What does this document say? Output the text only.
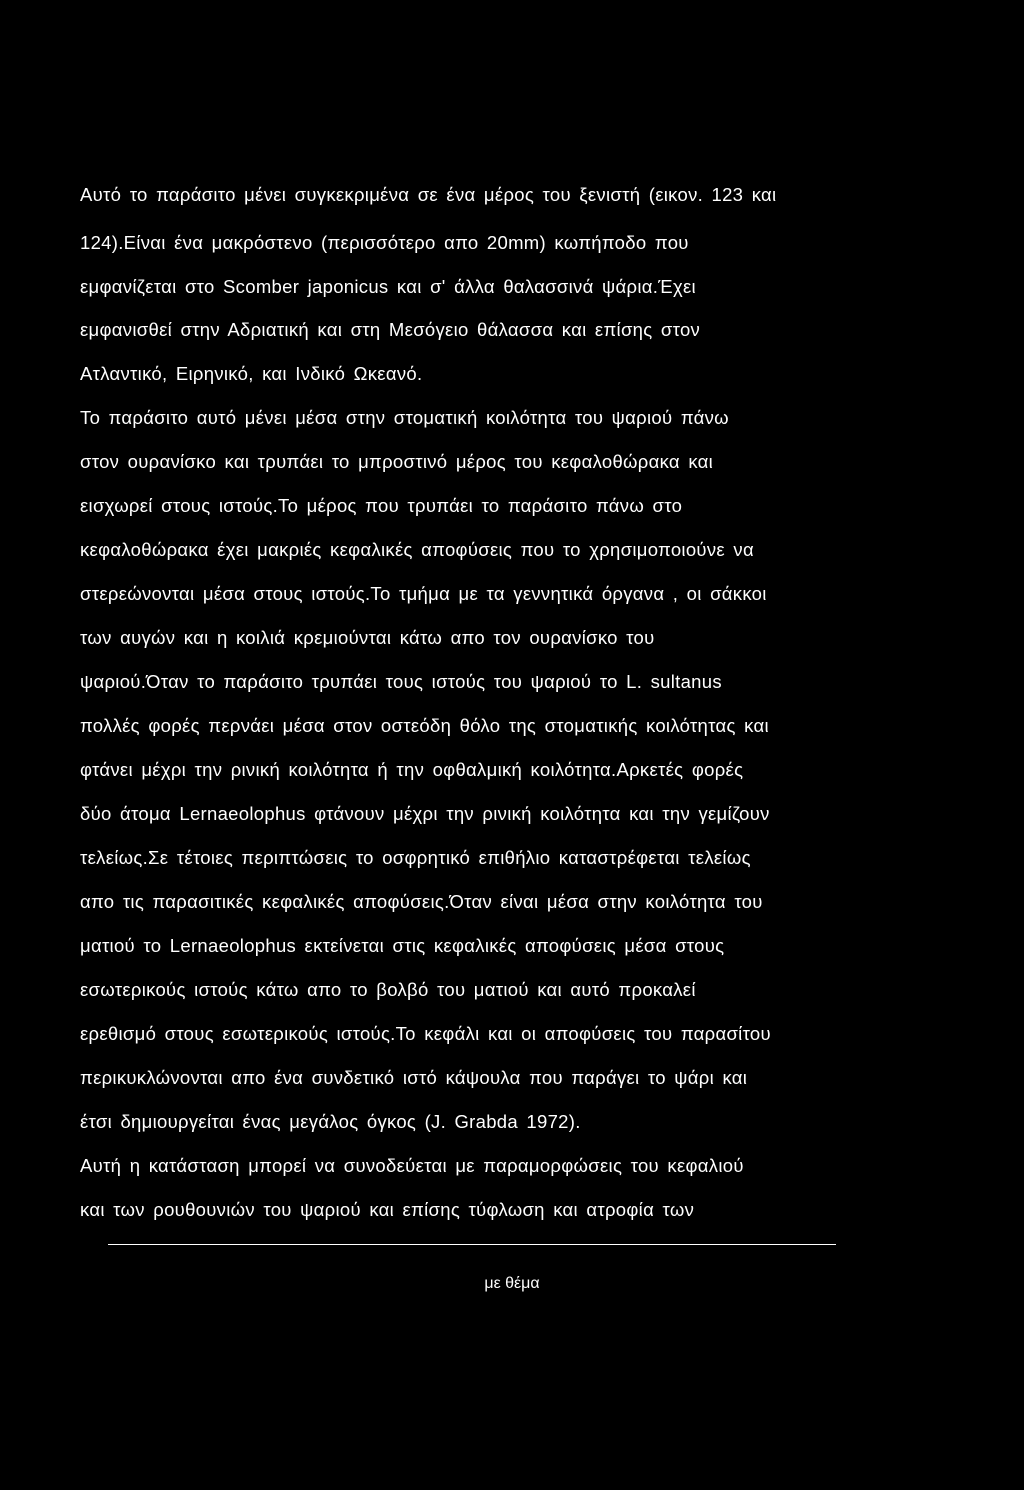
Αυτό το παράσιτο μένει συγκεκριμένα σε ένα μέρος του ξενιστή (εικον. 123 και
124).Είναι ένα μακρόστενο (περισσότερο απο 20mm) κωπήποδο που
εμφανίζεται στο Scomber japonicus και σ' άλλα θαλασσινά ψάρια.Έχει
εμφανισθεί στην Αδριατική και στη Μεσόγειο θάλασσα και επίσης στον
Ατλαντικό, Ειρηνικό, και Ινδικό Ωκεανό.
Το παράσιτο αυτό μένει μέσα στην στοματική κοιλότητα του ψαριού πάνω
στον ουρανίσκο και τρυπάει το μπροστινό μέρος του κεφαλοθώρακα και
εισχωρεί στους ιστούς.Το μέρος που τρυπάει το παράσιτο πάνω στο
κεφαλοθώρακα έχει μακριές κεφαλικές αποφύσεις που το χρησιμοποιούνε να
στερεώνονται μέσα στους ιστούς.Το τμήμα με τα γεννητικά όργανα , οι σάκκοι
των αυγών και η κοιλιά κρεμιούνται κάτω απο τον ουρανίσκο του
ψαριού.Όταν το παράσιτο τρυπάει τους ιστούς του ψαριού το L. sultanus
πολλές φορές περνάει μέσα στον οστεόδη θόλο της στοματικής κοιλότητας και
φτάνει μέχρι την ρινική κοιλότητα ή την οφθαλμική κοιλότητα.Αρκετές φορές
δύο άτομα Lernaeolophus φτάνουν μέχρι την ρινική κοιλότητα και την γεμίζουν
τελείως.Σε τέτοιες περιπτώσεις το οσφρητικό επιθήλιο καταστρέφεται τελείως
απο τις παρασιτικές κεφαλικές αποφύσεις.Όταν είναι μέσα στην κοιλότητα του
ματιού το Lernaeolophus εκτείνεται στις κεφαλικές αποφύσεις μέσα στους
εσωτερικούς ιστούς κάτω απο το βολβό του ματιού και αυτό προκαλεί
ερεθισμό στους εσωτερικούς ιστούς.Το κεφάλι και οι αποφύσεις του παρασίτου
περικυκλώνονται απο ένα συνδετικό ιστό κάψουλα που παράγει το ψάρι και
έτσι δημιουργείται ένας μεγάλος όγκος (J. Grabda 1972).
Αυτή η κατάσταση μπορεί να συνοδεύεται με παραμορφώσεις του κεφαλιού
και των ρουθουνιών του ψαριού και επίσης τύφλωση και ατροφία των
με θέμα
